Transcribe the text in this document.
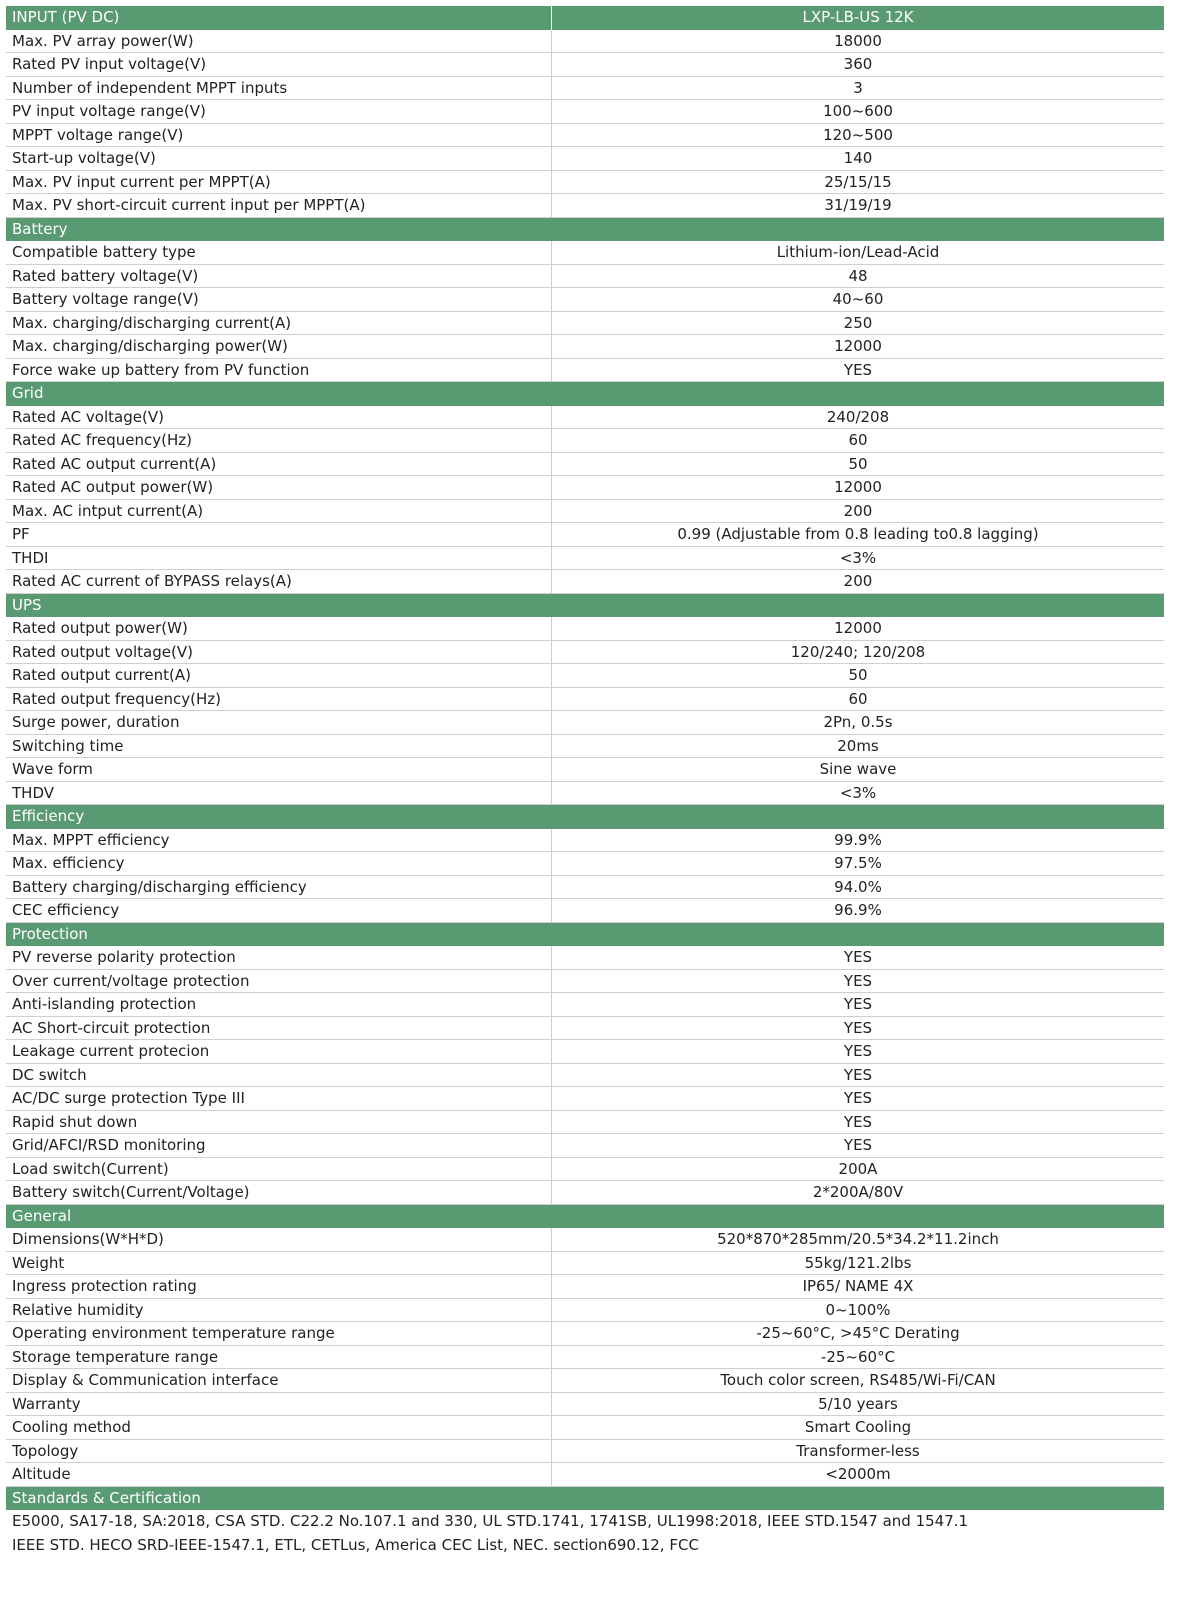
INPUT (PV DC)	LXP-LB-US 12K
Max. PV array power(W)	18000
Rated PV input voltage(V)	360
Number of independent MPPT inputs	3
PV input voltage range(V)	100~600
MPPT voltage range(V)	120~500
Start-up voltage(V)	140
Max. PV input current per MPPT(A)	25/15/15
Max. PV short-circuit current input per MPPT(A)	31/19/19
Battery
Compatible battery type	Lithium-ion/Lead-Acid
Rated battery voltage(V)	48
Battery voltage range(V)	40~60
Max. charging/discharging current(A)	250
Max. charging/discharging power(W)	12000
Force wake up battery from PV function	YES
Grid
Rated AC voltage(V)	240/208
Rated AC frequency(Hz)	60
Rated AC output current(A)	50
Rated AC output power(W)	12000
Max. AC intput current(A)	200
PF	0.99 (Adjustable from 0.8 leading to0.8 lagging)
THDI	<3%
Rated AC current of BYPASS relays(A)	200
UPS
Rated output power(W)	12000
Rated output voltage(V)	120/240; 120/208
Rated output current(A)	50
Rated output frequency(Hz)	60
Surge power, duration	2Pn, 0.5s
Switching time	20ms
Wave form	Sine wave
THDV	<3%
Efficiency
Max. MPPT efficiency	99.9%
Max. efficiency	97.5%
Battery charging/discharging efficiency	94.0%
CEC efficiency	96.9%
Protection
PV reverse polarity protection	YES
Over current/voltage protection	YES
Anti-islanding protection	YES
AC Short-circuit protection	YES
Leakage current protecion	YES
DC switch	YES
AC/DC surge protection Type III	YES
Rapid shut down	YES
Grid/AFCI/RSD monitoring	YES
Load switch(Current)	200A
Battery switch(Current/Voltage)	2*200A/80V
General
Dimensions(W*H*D)	520*870*285mm/20.5*34.2*11.2inch
Weight	55kg/121.2lbs
Ingress protection rating	IP65/ NAME 4X
Relative humidity	0~100%
Operating environment temperature range	-25~60°C, >45°C Derating
Storage temperature range	-25~60°C
Display & Communication interface	Touch color screen, RS485/Wi-Fi/CAN
Warranty	5/10 years
Cooling method	Smart Cooling
Topology	Transformer-less
Altitude	<2000m
Standards & Certification
E5000, SA17-18, SA:2018, CSA STD. C22.2 No.107.1 and 330, UL STD.1741, 1741SB, UL1998:2018, IEEE STD.1547 and 1547.1
IEEE STD. HECO SRD-IEEE-1547.1, ETL, CETLus, America CEC List, NEC. section690.12, FCC
